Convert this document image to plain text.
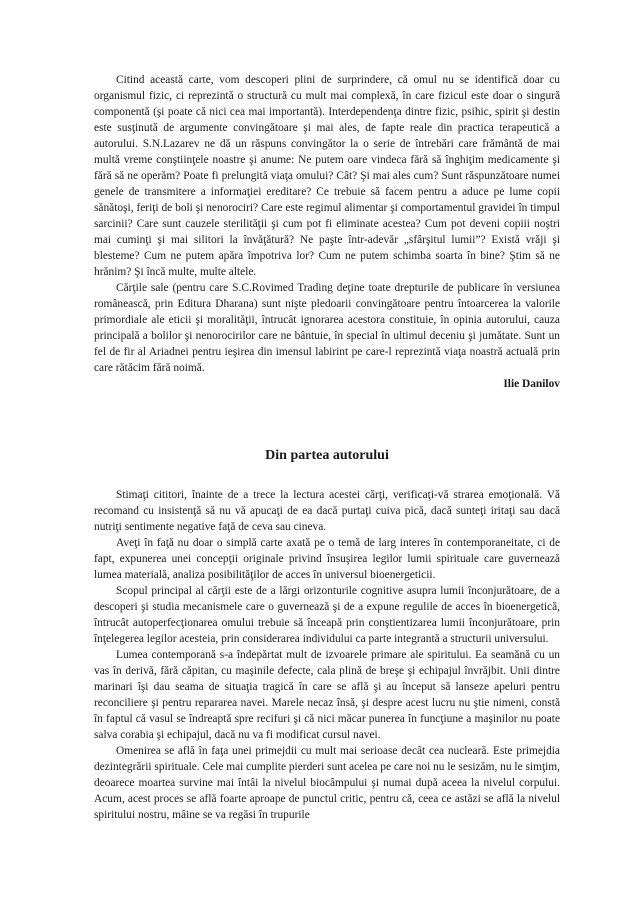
Citind această carte, vom descoperi plini de surprindere, că omul nu se identifică doar cu organismul fizic, ci reprezintă o structură cu mult mai complexă, în care fizicul este doar o singură componentă (şi poate că nici cea mai importantă). Interdependenţa dintre fizic, psihic, spirit şi destin este susţinută de argumente convingătoare şi mai ales, de fapte reale din practica terapeutică a autorului. S.N.Lazarev ne dă un răspuns convingător la o serie de întrebări care frământă de mai multă vreme conştiinţele noastre şi anume: Ne putem oare vindeca fără să înghiţim medicamente şi fără să ne operăm? Poate fi prelungită viaţa omului? Cât? Şi mai ales cum? Sunt răspunzătoare numei genele de transmitere a informaţiei ereditare? Ce trebuie să facem pentru a aduce pe lume copii sănătoşi, feriţi de boli şi nenorociri? Care este regimul alimentar şi comportamentul gravidei în timpul sarcinii? Care sunt cauzele sterilităţii şi cum pot fi eliminate acestea? Cum pot deveni copiii noştri mai cuminţi şi mai silitori la învăţătură? Ne paşte într-adevăr „sfârşitul lumii”? Există vrăji şi blesteme? Cum ne putem apăra împotriva lor? Cum ne putem schimba soarta în bine? Ştim să ne hrănim? Şi încă multe, multe altele.

Cărţile sale (pentru care S.C.Rovimed Trading deţine toate drepturile de publicare în versiunea românească, prin Editura Dharana) sunt nişte pledoarii convingătoare pentru întoarcerea la valorile primordiale ale eticii şi moralităţii, întrucât ignorarea acestora constituie, în opinia autorului, cauza principală a bolilor şi nenorocirilor care ne bântuie, în special în ultimul deceniu şi jumătate. Sunt un fel de fir al Ariadnei pentru ieşirea din imensul labirint pe care-l reprezintă viaţa noastră actuală prin care rătăcim fără noimă.

Ilie Danilov
Din partea autorului

Stimaţi cititori, înainte de a trece la lectura acestei cărţi, verificaţi-vă strarea emoţională. Vă recomand cu insistenţă să nu vă apucaţi de ea dacă purtaţi cuiva pică, dacă sunteţi iritaţi sau dacă nutriţi sentimente negative faţă de ceva sau cineva.

Aveţi în faţă nu doar o simplă carte axată pe o temă de larg interes în contemporaneitate, ci de fapt, expunerea unei concepţii originale privind însuşirea legilor lumii spirituale care guvernează lumea materială, analiza posibilităţilor de acces în universul bioenergeticii.

Scopul principal al cărţii este de a lărgi orizonturile cognitive asupra lumii înconjurătoare, de a descoperi şi studia mecanismele care o guvernează şi de a expune regulile de acces în bioenergetică, întrucât autoperfecţionarea omului trebuie să înceapă prin conştientizarea lumii înconjurătoare, prin înţelegerea legilor acesteia, prin considerarea individului ca parte integrantă a structurii universului.

Lumea contemporană s-a îndepărtat mult de izvoarele primare ale spiritului. Ea seamănă cu un vas în derivă, fără căpitan, cu maşinile defecte, cala plină de breşe şi echipajul învrăjbit. Unii dintre marinari îşi dau seama de situaţia tragică în care se află şi au început să lanseze apeluri pentru reconciliere şi pentru repararea navei. Marele necaz însă, şi despre acest lucru nu ştie nimeni, constă în faptul că vasul se îndreaptă spre recifuri şi că nici măcar punerea în funcţiune a maşinilor nu poate salva corabia şi echipajul, dacă nu va fi modificat cursul navei.

Omenirea se află în faţa unei primejdii cu mult mai serioase decât cea nucleară. Este primejdia dezintegrării spirituale. Cele mai cumplite pierderi sunt acelea pe care noi nu le sesizăm, nu le simţim, deoarece moartea survine mai întâi la nivelul biocâmpului şi numai după aceea la nivelul corpului. Acum, acest proces se află foarte aproape de punctul critic, pentru că, ceea ce astăzi se află la nivelul spiritului nostru, mâine se va regăsi în trupurile
